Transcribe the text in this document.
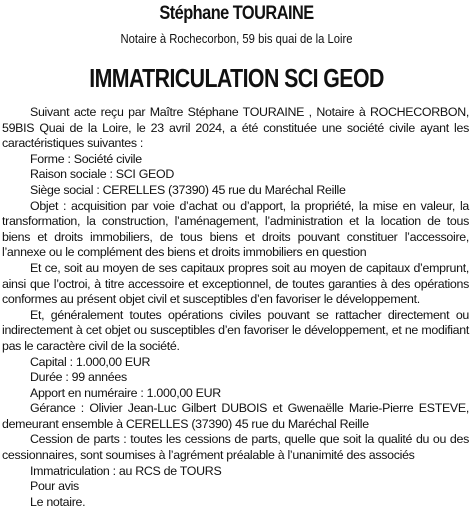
Stéphane TOURAINE
Notaire à Rochecorbon, 59 bis quai de la Loire
IMMATRICULATION SCI GEOD

Suivant acte reçu par Maître Stéphane TOURAINE , Notaire à ROCHECORBON, 59BIS Quai de la Loire, le 23 avril 2024, a été constituée une société civile ayant les caractéristiques suivantes :

Forme : Société civile

Raison sociale : SCI GEOD

Siège social : CERELLES (37390) 45 rue du Maréchal Reille

Objet : acquisition par voie d’achat ou d’apport, la propriété, la mise en valeur, la transformation, la construction, l’aménagement, l’administration et la location de tous biens et droits immobiliers, de tous biens et droits pouvant constituer l’accessoire, l’annexe ou le complément des biens et droits immobiliers en question

Et ce, soit au moyen de ses capitaux propres soit au moyen de capitaux d’emprunt, ainsi que l’octroi, à titre accessoire et exceptionnel, de toutes garanties à des opérations conformes au présent objet civil et susceptibles d’en favoriser le développement.

Et, généralement toutes opérations civiles pouvant se rattacher directement ou indirectement à cet objet ou susceptibles d’en favoriser le développement, et ne modifiant pas le caractère civil de la société.

Capital : 1.000,00 EUR

Durée : 99 années

Apport en numéraire : 1.000,00 EUR

Gérance : Olivier Jean-Luc Gilbert DUBOIS et Gwenaëlle Marie-Pierre ESTEVE, demeurant ensemble à CERELLES (37390) 45 rue du Maréchal Reille

Cession de parts : toutes les cessions de parts, quelle que soit la qualité du ou des cessionnaires, sont soumises à l’agrément préalable à l’unanimité des associés

Immatriculation : au RCS de TOURS

Pour avis

Le notaire.
